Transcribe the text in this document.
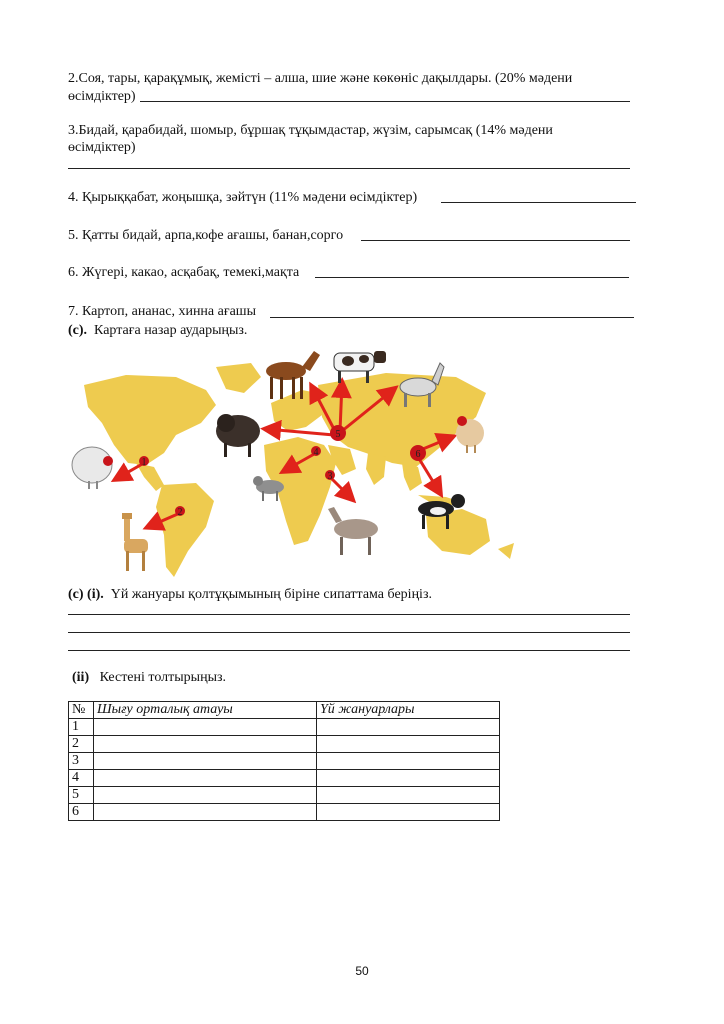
2.Соя, тары, қарақұмық, жемісті – алша, шие және көкөніс дақылдары. (20% мәдени
өсімдіктер)
3.Бидай, қарабидай, шомыр, бұршақ тұқымдастар, жүзім, сарымсақ (14% мәдени
өсімдіктер)
4. Қырыққабат, жоңышқа, зәйтүн (11% мәдени өсімдіктер)
5. Қатты бидай, арпа,кофе ағашы, банан,сорго
6. Жүгері, какао, асқабақ, темекі,мақта
7. Картоп, ананас, хинна ағашы
(с). Картаға назар аударыңыз.
1
2
3
4
5
6
(с) (і). Үй жануары қолтұқымының біріне сипаттама беріңіз.
(ii) Кестені толтырыңыз.
№	Шығу орталық атауы	Үй жануарлары
1		
2		
3		
4		
5		
6		
50
